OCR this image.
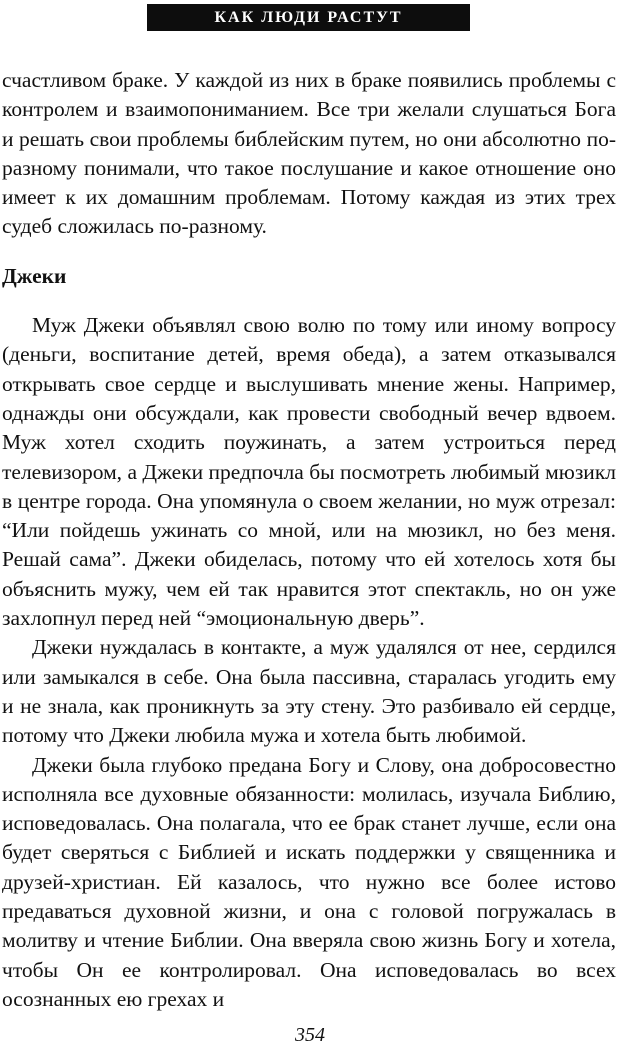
КАК ЛЮДИ РАСТУТ

счастливом браке. У каждой из них в браке появились проблемы с контролем и взаимопониманием. Все три желали слушаться Бога и решать свои проблемы библейским путем, но они абсолютно по-разному понимали, что такое послушание и какое отношение оно имеет к их домашним проблемам. Потому каждая из этих трех судеб сложилась по-разному.

Джеки

Муж Джеки объявлял свою волю по тому или иному вопросу (деньги, воспитание детей, время обеда), а затем отказывался открывать свое сердце и выслушивать мнение жены. Например, однажды они обсуждали, как провести свободный вечер вдвоем. Муж хотел сходить поужинать, а затем устроиться перед телевизором, а Джеки предпочла бы посмотреть любимый мюзикл в центре города. Она упомянула о своем желании, но муж отрезал: “Или пойдешь ужинать со мной, или на мюзикл, но без меня. Решай сама”. Джеки обиделась, потому что ей хотелось хотя бы объяснить мужу, чем ей так нравится этот спектакль, но он уже захлопнул перед ней “эмоциональную дверь”.

Джеки нуждалась в контакте, а муж удалялся от нее, сердился или замыкался в себе. Она была пассивна, старалась угодить ему и не знала, как проникнуть за эту стену. Это разбивало ей сердце, потому что Джеки любила мужа и хотела быть любимой.

Джеки была глубоко предана Богу и Слову, она добросовестно исполняла все духовные обязанности: молилась, изучала Библию, исповедовалась. Она полагала, что ее брак станет лучше, если она будет сверяться с Библией и искать поддержки у священника и друзей-христиан. Ей казалось, что нужно все более истово предаваться духовной жизни, и она с головой погружалась в молитву и чтение Библии. Она вверяла свою жизнь Богу и хотела, чтобы Он ее контролировал. Она исповедовалась во всех осознанных ею грехах и

354
